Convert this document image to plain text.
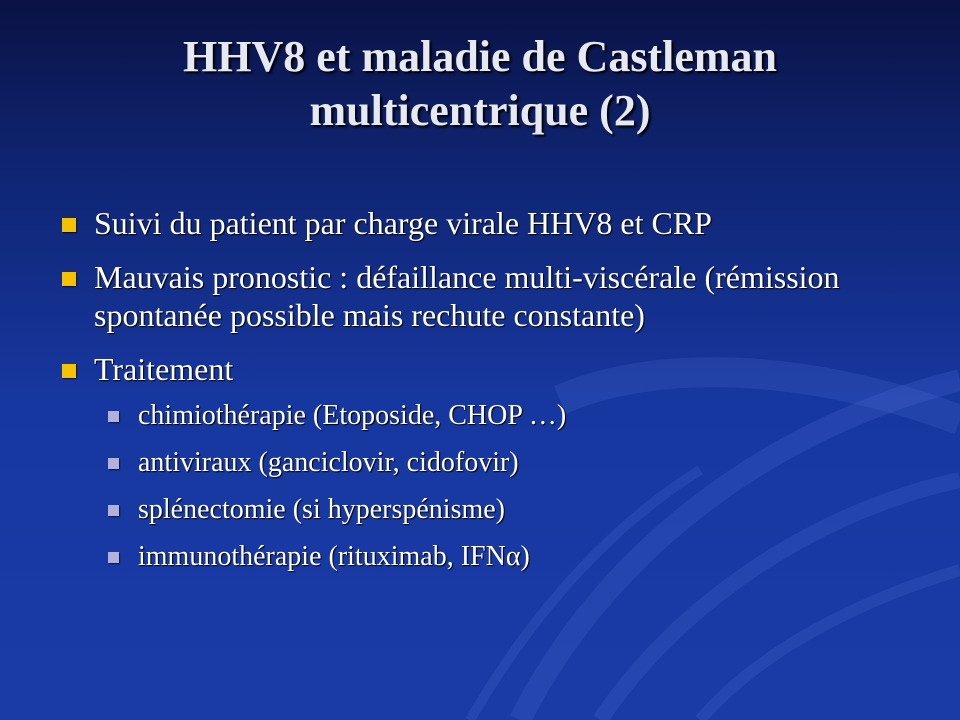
HHV8 et maladie de Castleman
multicentrique (2)
Suivi du patient par charge virale HHV8 et CRP
Mauvais pronostic : défaillance multi-viscérale (rémission spontanée possible mais rechute constante)
Traitement
chimiothérapie (Etoposide, CHOP …)
antiviraux (ganciclovir, cidofovir)
splénectomie (si hyperspénisme)
immunothérapie (rituximab, IFNα)
